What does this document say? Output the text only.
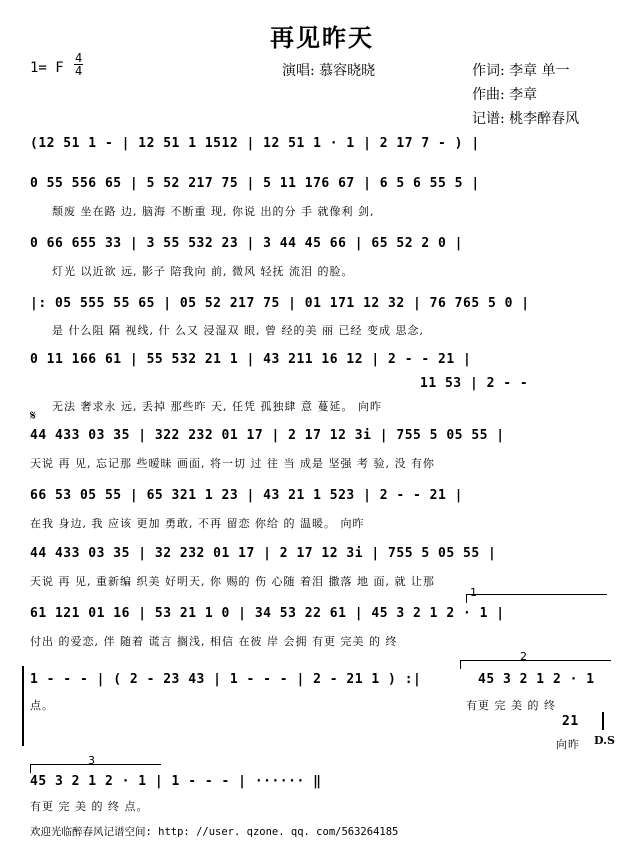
再见昨天
1= F
4
4	演唱: 慕容晓晓	作词: 李章 单一
作曲: 李章
记谱: 桃李醉春风
(12 51 1 - | 12 51 1 1512 | 12 51 1 · 1 | 2 17 7 - ) |
0 55 556 65 | 5 52 217 75 | 5 11 176 67 | 6 5 6 55 5 |
颓废 坐在路 边, 脑海 不断重 现, 你说 出的分 手 就像利 剑,
0 66 655 33 | 3 55 532 23 | 3 44 45 66 | 65 52 2 0 |
灯光 以近欲 远, 影子 陪我向 前, 微风 轻抚 流泪 的脸。
|: 05 555 55 65 | 05 52 217 75 | 01 171 12 32 | 76 765 5 0 |
是 什么阻 隔 视线, 什 么又 浸湿双 眼, 曾 经的美 丽 已经 变成 思念,
0 11 166 61 | 55 532 21 1 | 43 211 16 12 | 2 - - 21 |
11 53 | 2 - -
无法 奢求永 远, 丢掉 那些昨 天, 任凭 孤独肆 意 蔓延。 向昨
𝄋
44 433 03 35 | 322 232 01 17 | 2 17 12 3i | 755 5 05 55 |
天说 再 见, 忘记那 些暧昧 画面, 将一切 过 往 当 成是 坚强 考 验, 没 有你
66 53 05 55 | 65 321 1 23 | 43 21 1 523 | 2 - - 21 |
在我 身边, 我 应该 更加 勇敢, 不再 留恋 你给 的 温暖。 向昨
44 433 03 35 | 32 232 01 17 | 2 17 12 3i | 755 5 05 55 |
天说 再 见, 重新编 织美 好明天, 你 赐的 伤 心随 着泪 撒落 地 面, 就 让那
1
61 121 01 16 | 53 21 1 0 | 34 53 22 61 | 45 3 2 1 2 · 1 |
付出 的爱恋, 伴 随着 谎言 搁浅, 相信 在彼 岸 会拥 有更 完美 的 终
1 - - - | ( 2 - 23 43 | 1 - - - | 2 - 21 1 ) :|
点。
2
45 3 2 1 2 · 1
有更 完 美 的 终
21
向昨 D.S
3
45 3 2 1 2 · 1 | 1 - - - | ······ ‖
有更 完 美 的 终 点。
欢迎光临醉春风记谱空间: http: //user. qzone. qq. com/563264185
